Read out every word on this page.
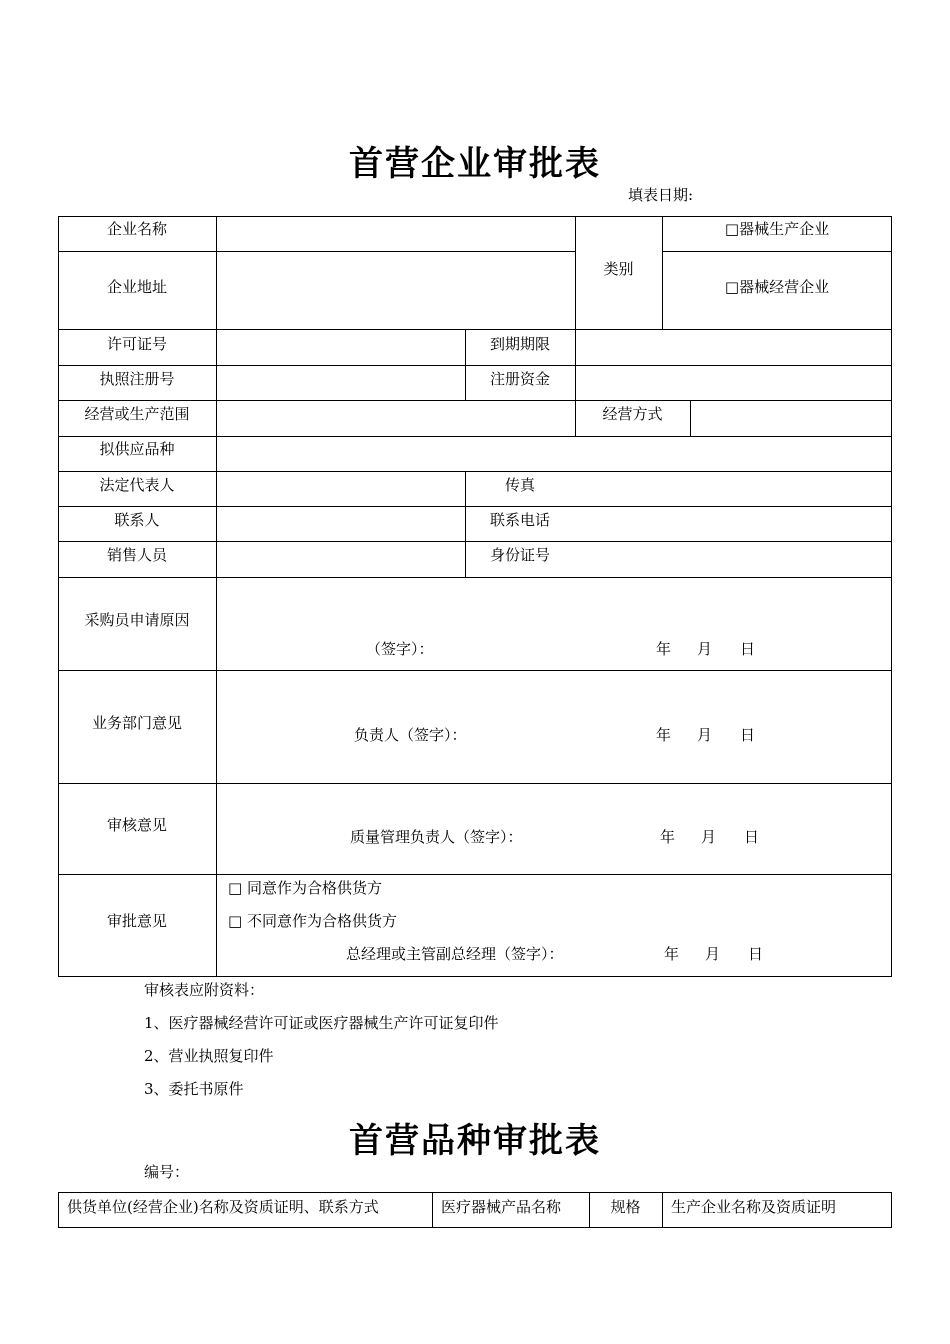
首营企业审批表
填表日期:
企业名称
企业地址
类别
□器械生产企业
□器械经营企业
许可证号	到期期限
执照注册号	注册资金
经营或生产范围	经营方式
拟供应品种
法定代表人	传真
联系人	联系电话
销售人员	身份证号
采购员申请原因
（签字）：	年 月 日
业务部门意见
负责人（签字）：	年 月 日
审核意见
质量管理负责人（签字）：	年 月 日
审批意见
□ 同意作为合格供货方
□ 不同意作为合格供货方
总经理或主管副总经理（签字）：	年 月 日
审核表应附资料：
1、医疗器械经营许可证或医疗器械生产许可证复印件
2、营业执照复印件
3、委托书原件
首营品种审批表
编号：
供货单位(经营企业)名称及资质证明、联系方式	医疗器械产品名称	规格	生产企业名称及资质证明
